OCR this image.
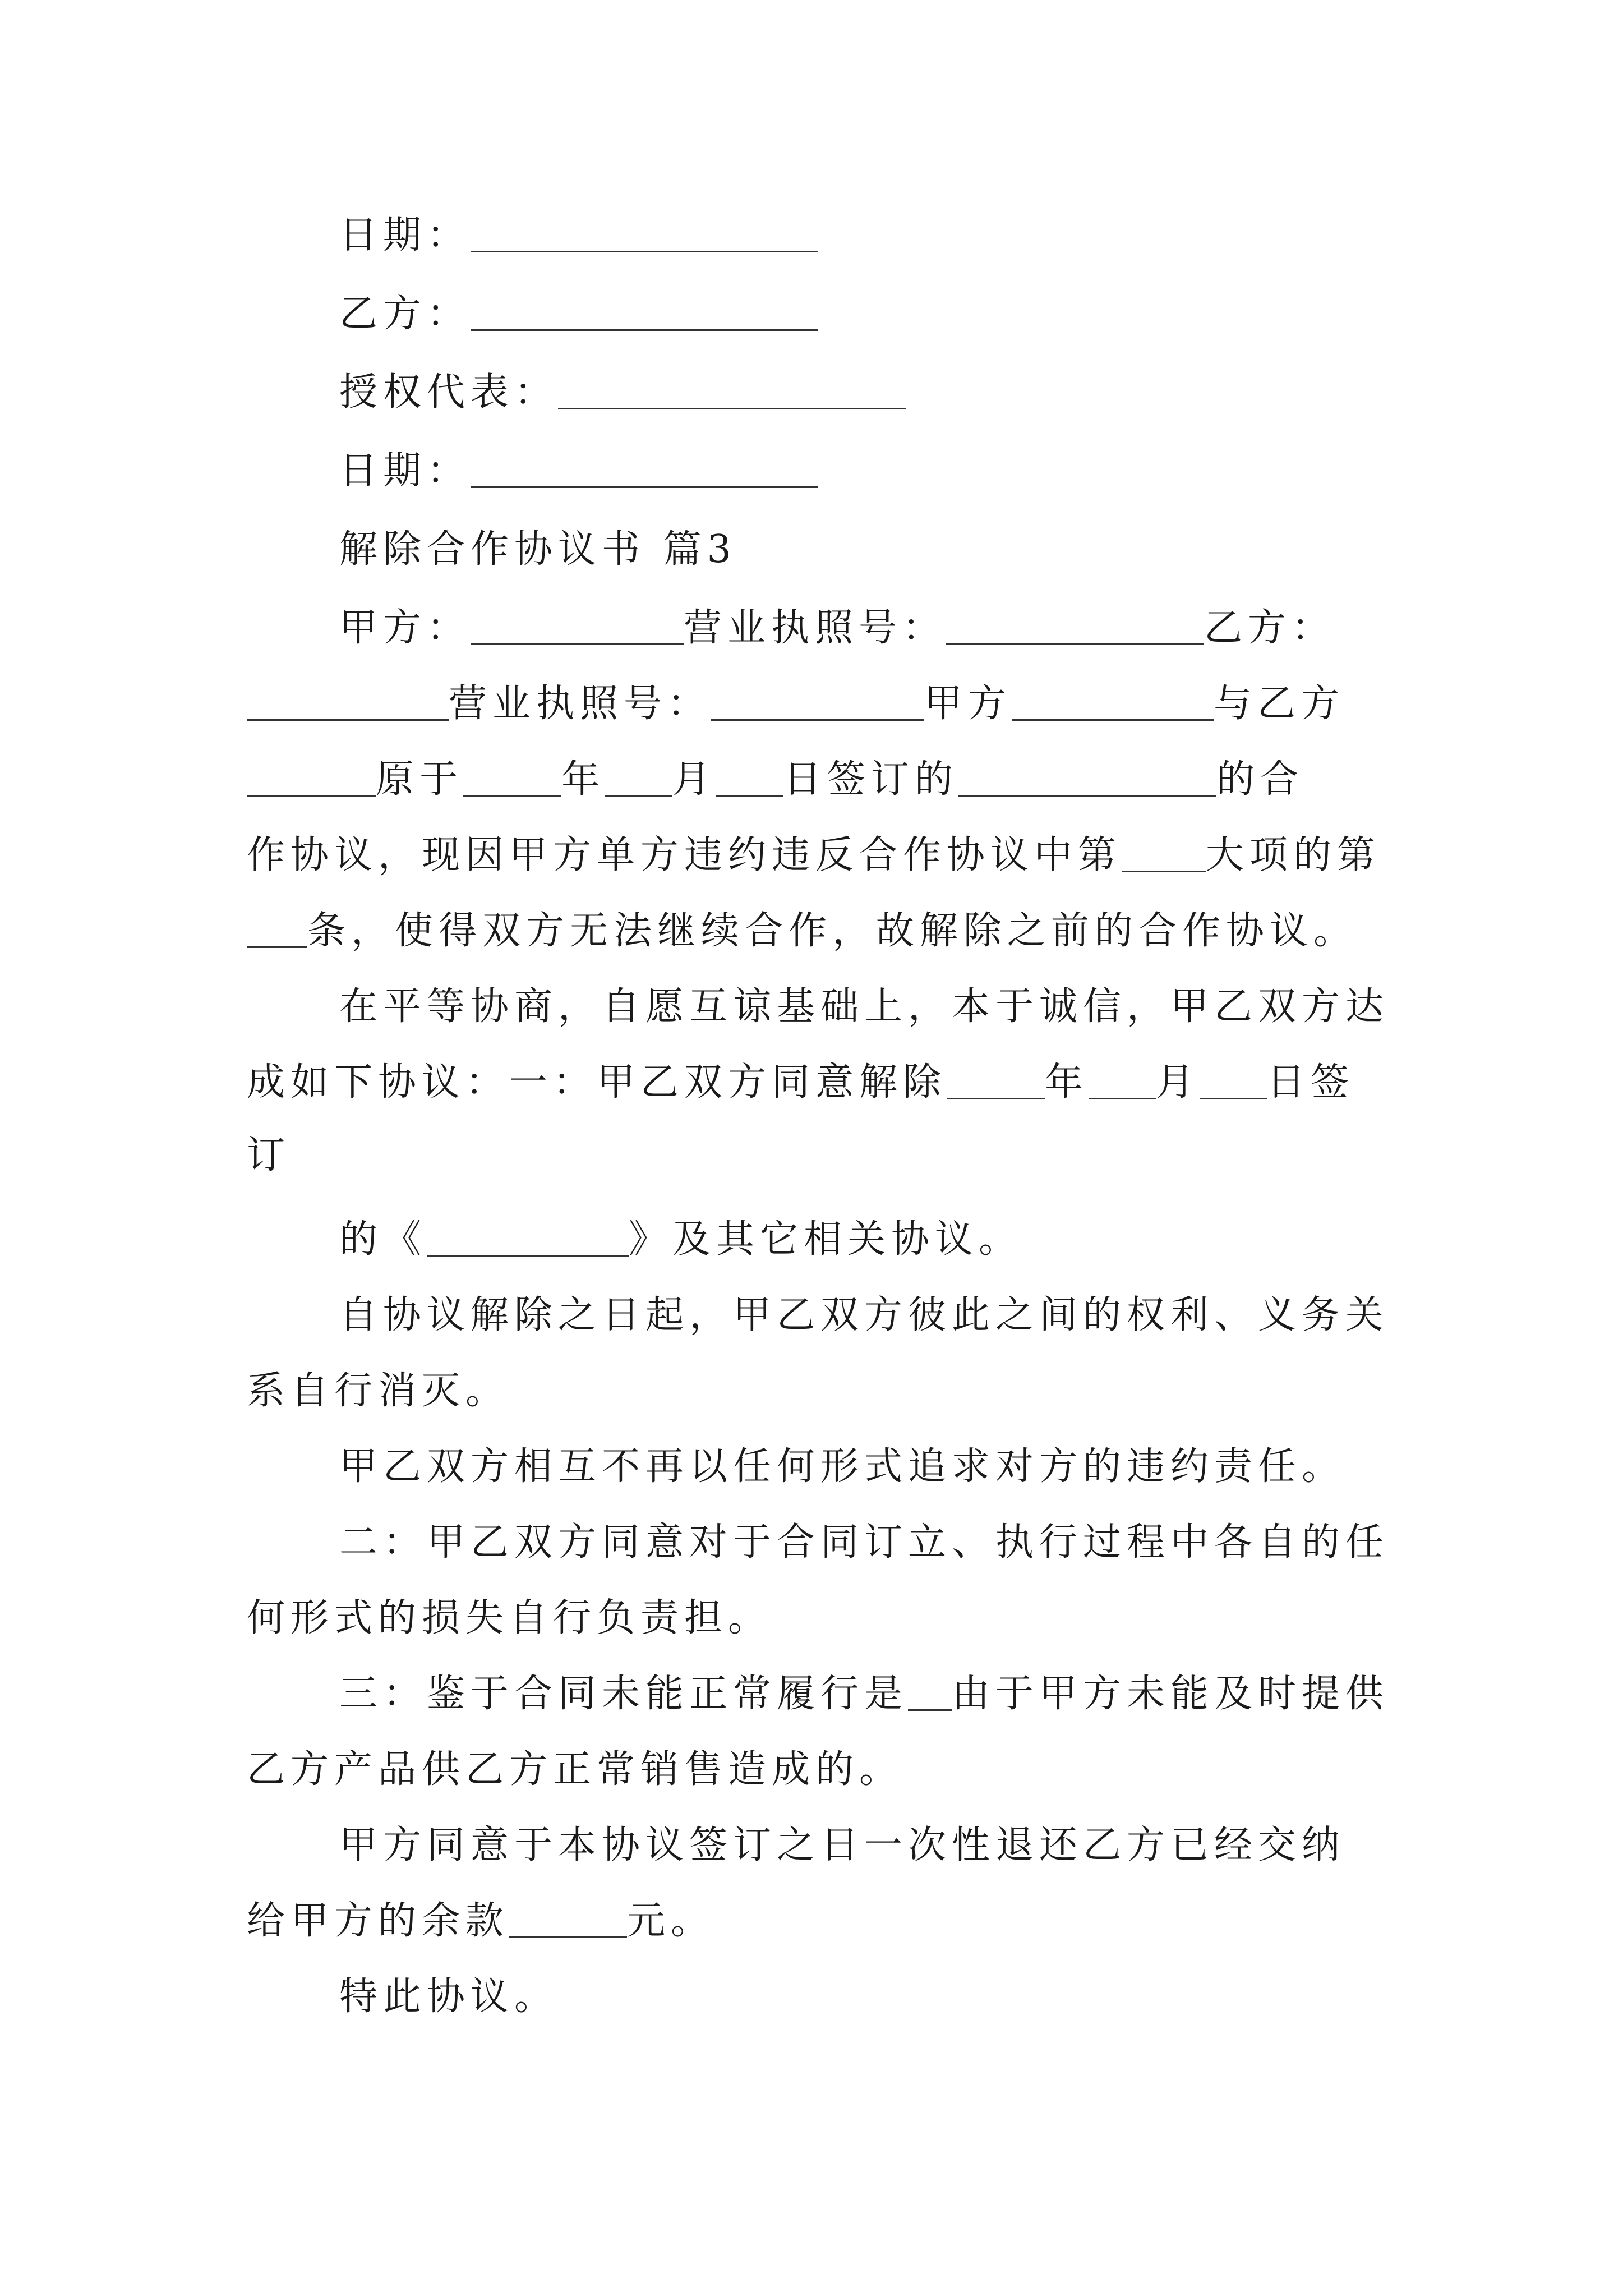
日期：
乙方：
授权代表：
日期：
解除合作协议书 篇3
甲方：	营业执照号：	乙方：
营业执照号：	甲方	与乙方
原于	年 月 日签订的	的合
作协议，现因甲方单方违约违反合作协议中第 大项的第
条，使得双方无法继续合作，故解除之前的合作协议。
在平等协商，自愿互谅基础上，本于诚信，甲乙双方达
成如下协议：一：甲乙双方同意解除	年 月 日签
订
的《	》及其它相关协议。
自协议解除之日起，甲乙双方彼此之间的权利、义务关
系自行消灭。
甲乙双方相互不再以任何形式追求对方的违约责任。
二：甲乙双方同意对于合同订立、执行过程中各自的任
何形式的损失自行负责担。
三：鉴于合同未能正常履行是 由于甲方未能及时提供
乙方产品供乙方正常销售造成的。
甲方同意于本协议签订之日一次性退还乙方已经交纳
给甲方的余款	元。
特此协议。
